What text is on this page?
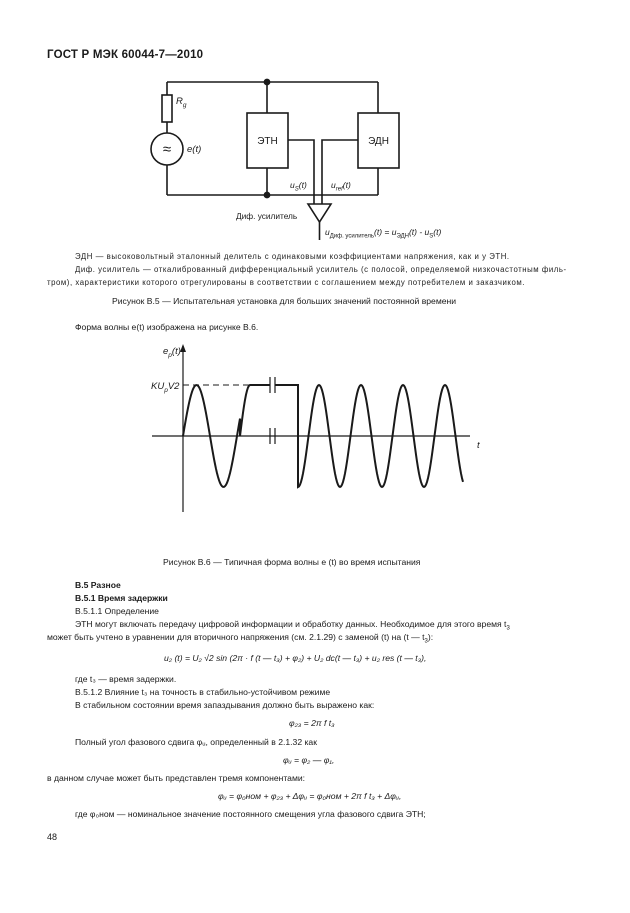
ГОСТ Р МЭК 60044-7—2010
$R_g$
≈ e(t)
ЭТН	ЭДН
$u_S(t)$	$u_{ref}(t)$
Диф. усилитель
$u_{Диф. усилитель}(t) = u_{ЭДН}(t) - u_S(t)$
ЭДН — высоковольтный эталонный делитель с одинаковыми коэффициентами напряжения, как и у ЭТН.
Диф. усилитель — откалиброванный дифференциальный усилитель (с полосой, определяемой низкочастотным филь-
тром), характеристики которого отрегулированы в соответствии с соглашением между потребителем и заказчиком.
Рисунок В.5 — Испытательная установка для больших значений постоянной времени
Форма волны e(t) изображена на рисунке В.6.
$e_p(t)$
$KU_pV2$
t
Рисунок В.6 — Типичная форма волны e (t) во время испытания
В.5 Разное
В.5.1 Время задержки
В.5.1.1 Определение
ЭТН могут включать передачу цифровой информации и обработку данных. Необходимое для этого время $t_3$
может быть учтено в уравнении для вторичного напряжения (см. 2.1.29) с заменой (t) на (t — $t_3$):
u₂ (t) = U₂ √2 sin (2π · f (t — t₃) + φ₂) + U₂ dc(t — t₃) + u₂ res (t — t₃),
где t₃ — время задержки.
В.5.1.2 Влияние t₃ на точность в стабильно-устойчивом режиме
В стабильном состоянии время запаздывания должно быть выражено как:
φ₂₃ = 2π f t₃
Полный угол фазового сдвига φᵤ, определенный в 2.1.32 как
φᵤ = φ₂ — φ₁,
в данном случае может быть представлен тремя компонентами:
φᵤ = φ₀ном + φ₂₃ + Δφᵤ = φ₀ном + 2π f t₃ + Δφᵤ,
где φ₀ном — номинальное значение постоянного смещения угла фазового сдвига ЭТН;
48
